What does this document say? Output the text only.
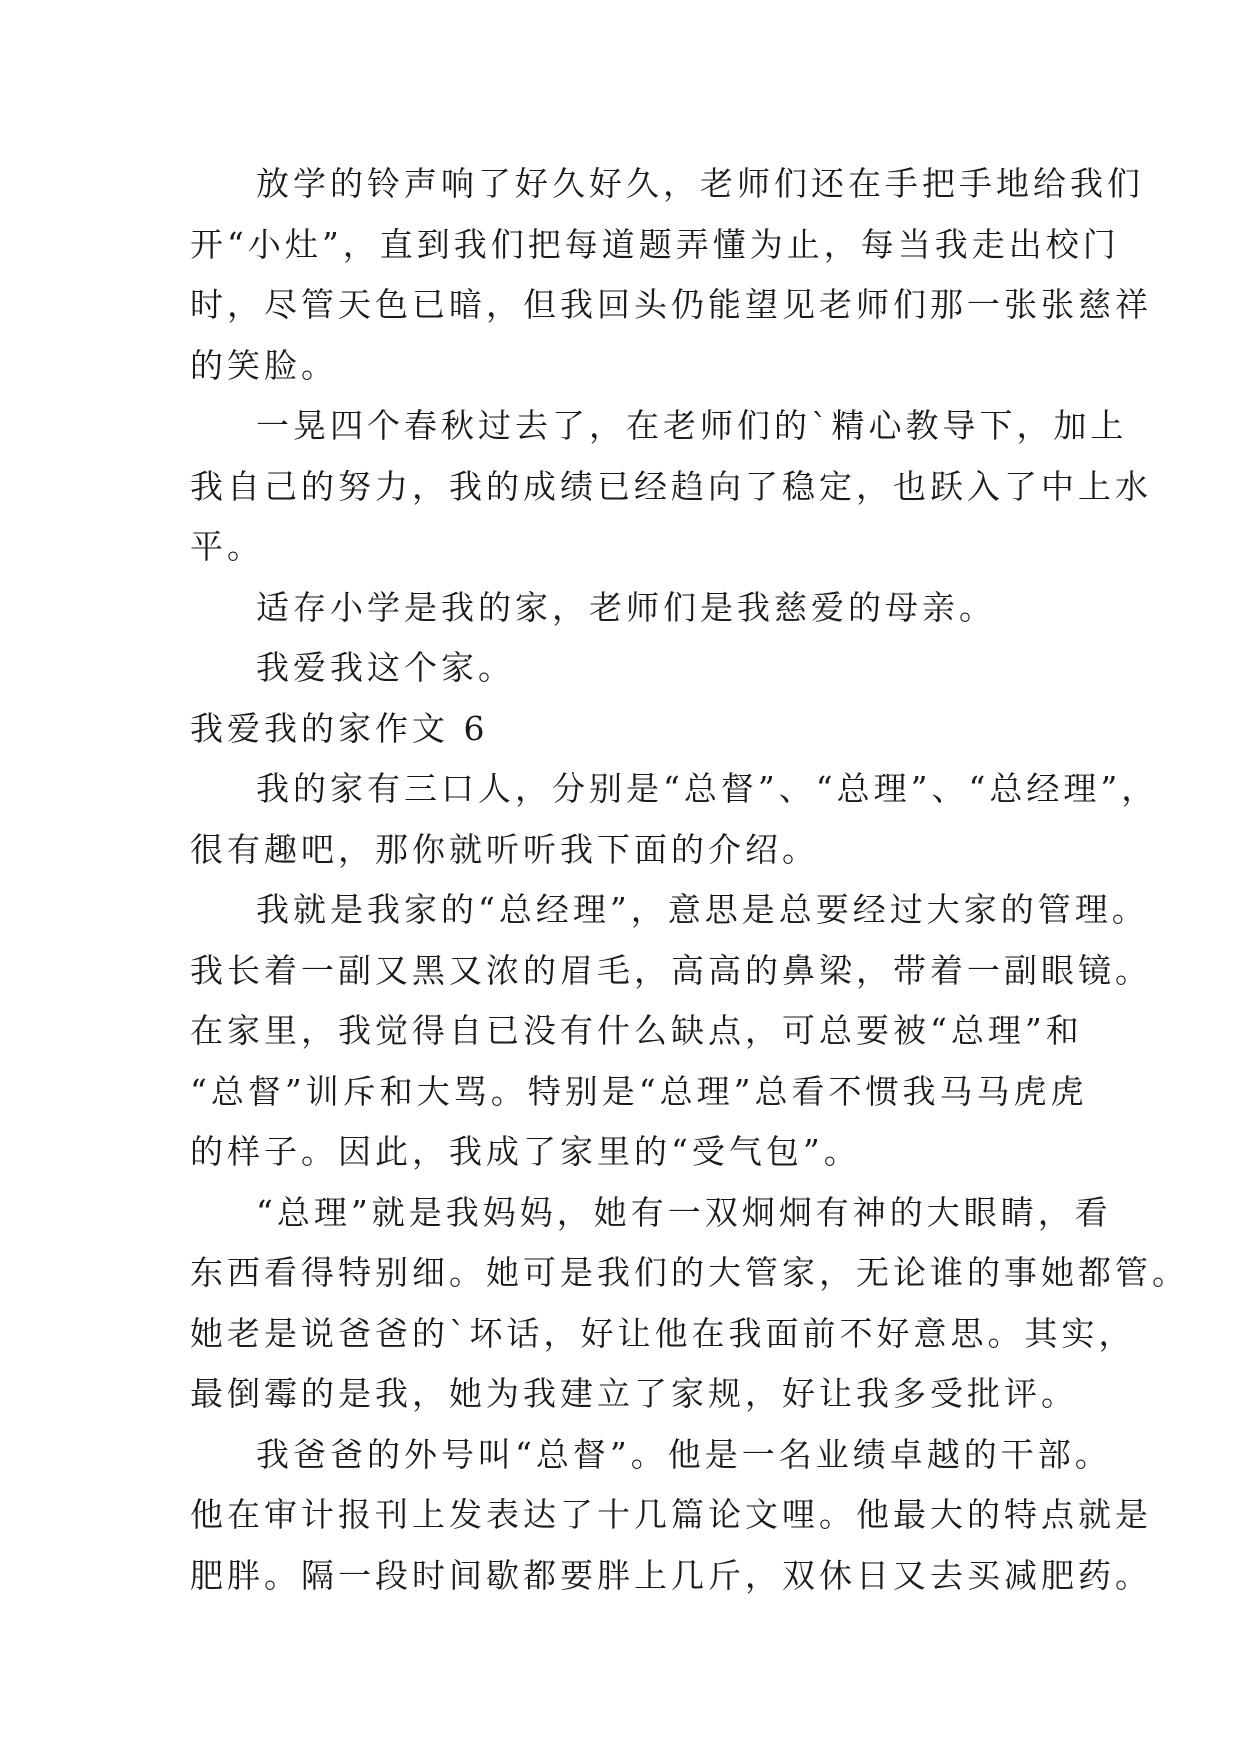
放学的铃声响了好久好久，老师们还在手把手地给我们
开“小灶”，直到我们把每道题弄懂为止，每当我走出校门
时，尽管天色已暗，但我回头仍能望见老师们那一张张慈祥
的笑脸。
一晃四个春秋过去了，在老师们的`精心教导下，加上
我自己的努力，我的成绩已经趋向了稳定，也跃入了中上水
平。
适存小学是我的家，老师们是我慈爱的母亲。
我爱我这个家。
我爱我的家作文 6
我的家有三口人，分别是“总督”、“总理”、“总经理”，
很有趣吧，那你就听听我下面的介绍。
我就是我家的“总经理”，意思是总要经过大家的管理。
我长着一副又黑又浓的眉毛，高高的鼻梁，带着一副眼镜。
在家里，我觉得自已没有什么缺点，可总要被“总理”和
“总督”训斥和大骂。特别是“总理”总看不惯我马马虎虎
的样子。因此，我成了家里的“受气包”。
“总理”就是我妈妈，她有一双炯炯有神的大眼睛，看
东西看得特别细。她可是我们的大管家，无论谁的事她都管。
她老是说爸爸的`坏话，好让他在我面前不好意思。其实，
最倒霉的是我，她为我建立了家规，好让我多受批评。
我爸爸的外号叫“总督”。他是一名业绩卓越的干部。
他在审计报刊上发表达了十几篇论文哩。他最大的特点就是
肥胖。隔一段时间歇都要胖上几斤，双休日又去买减肥药。
